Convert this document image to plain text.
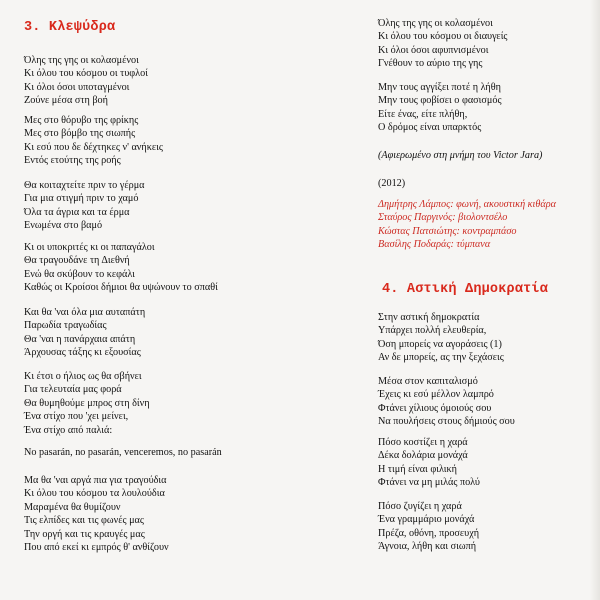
3. Κλεψύδρα
Όλης της γης οι κολασμένοι
Κι όλου του κόσμου οι τυφλοί
Κι όλοι όσοι υποταγμένοι
Ζούνε μέσα στη βοή
Μες στο θόρυβο της φρίκης
Μες στο βόμβο της σιωπής
Κι εσύ που δε δέχτηκες ν' ανήκεις
Εντός ετούτης της ροής
Θα κοιταχτείτε πριν το γέρμα
Για μια στιγμή πριν το χαμό
Όλα τα άγρια και τα έρμα
Ενωμένα στο βαμό
Κι οι υποκριτές κι οι παπαγάλοι
Θα τραγουδάνε τη Διεθνή
Ενώ θα σκύβουν το κεφάλι
Καθώς οι Κροίσοι δήμιοι θα υψώνουν το σπαθί
Και θα 'ναι όλα μια αυταπάτη
Παρωδία τραγωδίας
Θα 'ναι η πανάρχαια απάτη
Άρχουσας τάξης κι εξουσίας
Κι έτσι ο ήλιος ως θα σβήνει
Για τελευταία μας φορά
Θα θυμηθούμε μπρος στη δίνη
Ένα στίχο που 'χει μείνει,
Ένα στίχο από παλιά:
No pasarán, no pasarán, venceremos, no pasarán
Μα θα 'ναι αργά πια για τραγούδια
Κι όλου του κόσμου τα λουλούδια
Μαραμένα θα θυμίζουν
Τις ελπίδες και τις φωνές μας
Την οργή και τις κραυγές μας
Που από εκεί κι εμπρός θ' ανθίζουν
Όλης της γης οι κολασμένοι
Κι όλου του κόσμου οι διαυγείς
Κι όλοι όσοι αφυπνισμένοι
Γνέθουν το αύριο της γης
Μην τους αγγίξει ποτέ η λήθη
Μην τους φοβίσει ο φασισμός
Είτε ένας, είτε πλήθη,
Ο δρόμος είναι υπαρκτός
(Αφιερωμένο στη μνήμη του Victor Jara)
(2012)
Δημήτρης Λάμπος: φωνή, ακουστική κιθάρα
Σταύρος Παργινός: βιολοντσέλο
Κώστας Πατσιώτης: κοντραμπάσο
Βασίλης Ποδαράς: τύμπανα
4. Αστική Δημοκρατία
Στην αστική δημοκρατία
Υπάρχει πολλή ελευθερία,
Όση μπορείς να αγοράσεις (1)
Αν δε μπορείς, ας την ξεχάσεις
Μέσα στον καπιταλισμό
Έχεις κι εσύ μέλλον λαμπρό
Φτάνει χίλιους όμοιούς σου
Να πουλήσεις στους δήμιούς σου
Πόσο κοστίζει η χαρά
Δέκα δολάρια μονάχά
Η τιμή είναι φιλική
Φτάνει να μη μιλάς πολύ
Πόσο ζυγίζει η χαρά
Ένα γραμμάριο μονάχά
Πρέζα, οθόνη, προσευχή
Άγνοια, λήθη και σιωπή
